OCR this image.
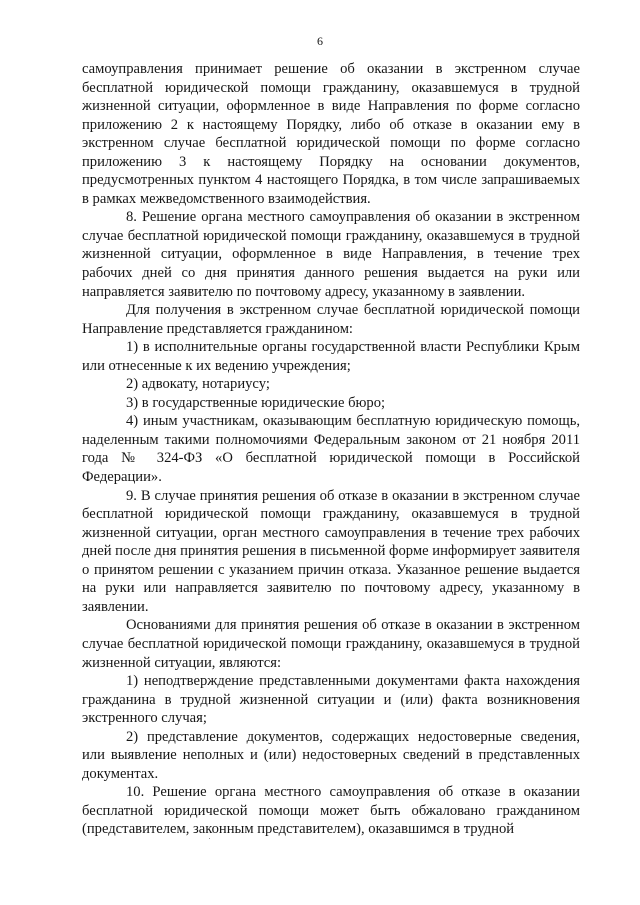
6

самоуправления принимает решение об оказании в экстренном случае бесплатной юридической помощи гражданину, оказавшемуся в трудной жизненной ситуации, оформленное в виде Направления по форме согласно приложению 2 к настоящему Порядку, либо об отказе в оказании ему в экстренном случае бесплатной юридической помощи по форме согласно приложению 3 к настоящему Порядку на основании документов, предусмотренных пунктом 4 настоящего Порядка, в том числе запрашиваемых в рамках межведомственного взаимодействия.

8. Решение органа местного самоуправления об оказании в экстренном случае бесплатной юридической помощи гражданину, оказавшемуся в трудной жизненной ситуации, оформленное в виде Направления, в течение трех рабочих дней со дня принятия данного решения выдается на руки или направляется заявителю по почтовому адресу, указанному в заявлении.

Для получения в экстренном случае бесплатной юридической помощи Направление представляется гражданином:

1) в исполнительные органы государственной власти Республики Крым или отнесенные к их ведению учреждения;

2) адвокату, нотариусу;

3) в государственные юридические бюро;

4) иным участникам, оказывающим бесплатную юридическую помощь, наделенным такими полномочиями Федеральным законом от 21 ноября 2011 года № 324-ФЗ «О бесплатной юридической помощи в Российской Федерации».

9. В случае принятия решения об отказе в оказании в экстренном случае бесплатной юридической помощи гражданину, оказавшемуся в трудной жизненной ситуации, орган местного самоуправления в течение трех рабочих дней после дня принятия решения в письменной форме информирует заявителя о принятом решении с указанием причин отказа. Указанное решение выдается на руки или направляется заявителю по почтовому адресу, указанному в заявлении.

Основаниями для принятия решения об отказе в оказании в экстренном случае бесплатной юридической помощи гражданину, оказавшемуся в трудной жизненной ситуации, являются:

1) неподтверждение представленными документами факта нахождения гражданина в трудной жизненной ситуации и (или) факта возникновения экстренного случая;

2) представление документов, содержащих недостоверные сведения, или выявление неполных и (или) недостоверных сведений в представленных документах.

10. Решение органа местного самоуправления об отказе в оказании бесплатной юридической помощи может быть обжаловано гражданином (представителем, законным представителем), оказавшимся в трудной
